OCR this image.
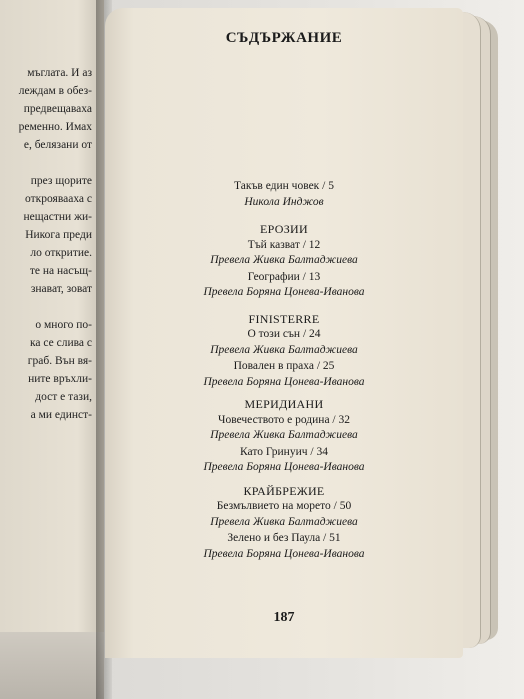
мъглата. И аз
леждам в обез-
предвещаваха
ременно. Имах
е, белязани от
през щорите
откроявааха с
нещастни жи-
Никога преди
ло откритие.
те на насъщ-
знават, зоват
о много по-
ка се слива с
граб. Вън вя-
ните връхли-
дост е тази,
а ми единст-
СЪДЪРЖАНИЕ
Такъв един човек / 5
Никола Инджов
ЕРОЗИИ
Тъй казват / 12
Превела Живка Балтаджиева
Географии / 13
Превела Боряна Цонева-Иванова
FINISTERRE
О този сън / 24
Превела Живка Балтаджиева
Повален в праха / 25
Превела Боряна Цонева-Иванова
МЕРИДИАНИ
Човечеството е родина / 32
Превела Живка Балтаджиева
Като Гринуич / 34
Превела Боряна Цонева-Иванова
КРАЙБРЕЖИЕ
Безмълвието на морето / 50
Превела Живка Балтаджиева
Зелено и без Паула / 51
Превела Боряна Цонева-Иванова
187
